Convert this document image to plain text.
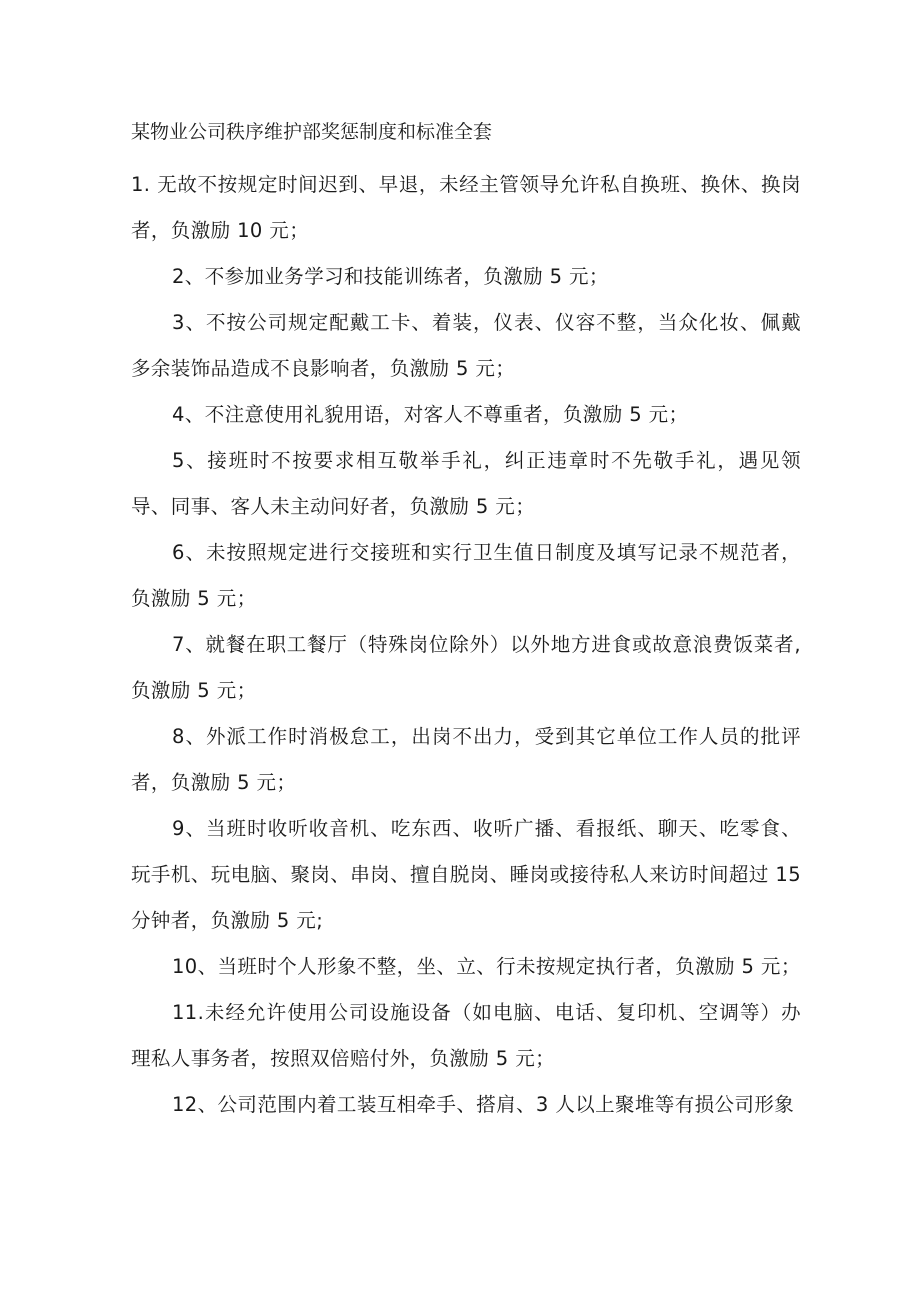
某物业公司秩序维护部奖惩制度和标准全套

1. 无故不按规定时间迟到、早退，未经主管领导允许私自换班、换休、换岗者，负激励 10 元；

2、不参加业务学习和技能训练者，负激励 5 元；

3、不按公司规定配戴工卡、着装，仪表、仪容不整，当众化妆、佩戴多余装饰品造成不良影响者，负激励 5 元；

4、不注意使用礼貌用语，对客人不尊重者，负激励 5 元；

5、接班时不按要求相互敬举手礼，纠正违章时不先敬手礼，遇见领导、同事、客人未主动问好者，负激励 5 元；

6、未按照规定进行交接班和实行卫生值日制度及填写记录不规范者，负激励 5 元；

7、就餐在职工餐厅（特殊岗位除外）以外地方进食或故意浪费饭菜者,负激励 5 元；

8、外派工作时消极怠工，出岗不出力，受到其它单位工作人员的批评者，负激励 5 元；

9、当班时收听收音机、吃东西、收听广播、看报纸、聊天、吃零食、玩手机、玩电脑、聚岗、串岗、擅自脱岗、睡岗或接待私人来访时间超过 15 分钟者，负激励 5 元;

10、当班时个人形象不整，坐、立、行未按规定执行者，负激励 5 元；

11.未经允许使用公司设施设备（如电脑、电话、复印机、空调等）办理私人事务者，按照双倍赔付外，负激励 5 元；

12、公司范围内着工装互相牵手、搭肩、3 人以上聚堆等有损公司形象
